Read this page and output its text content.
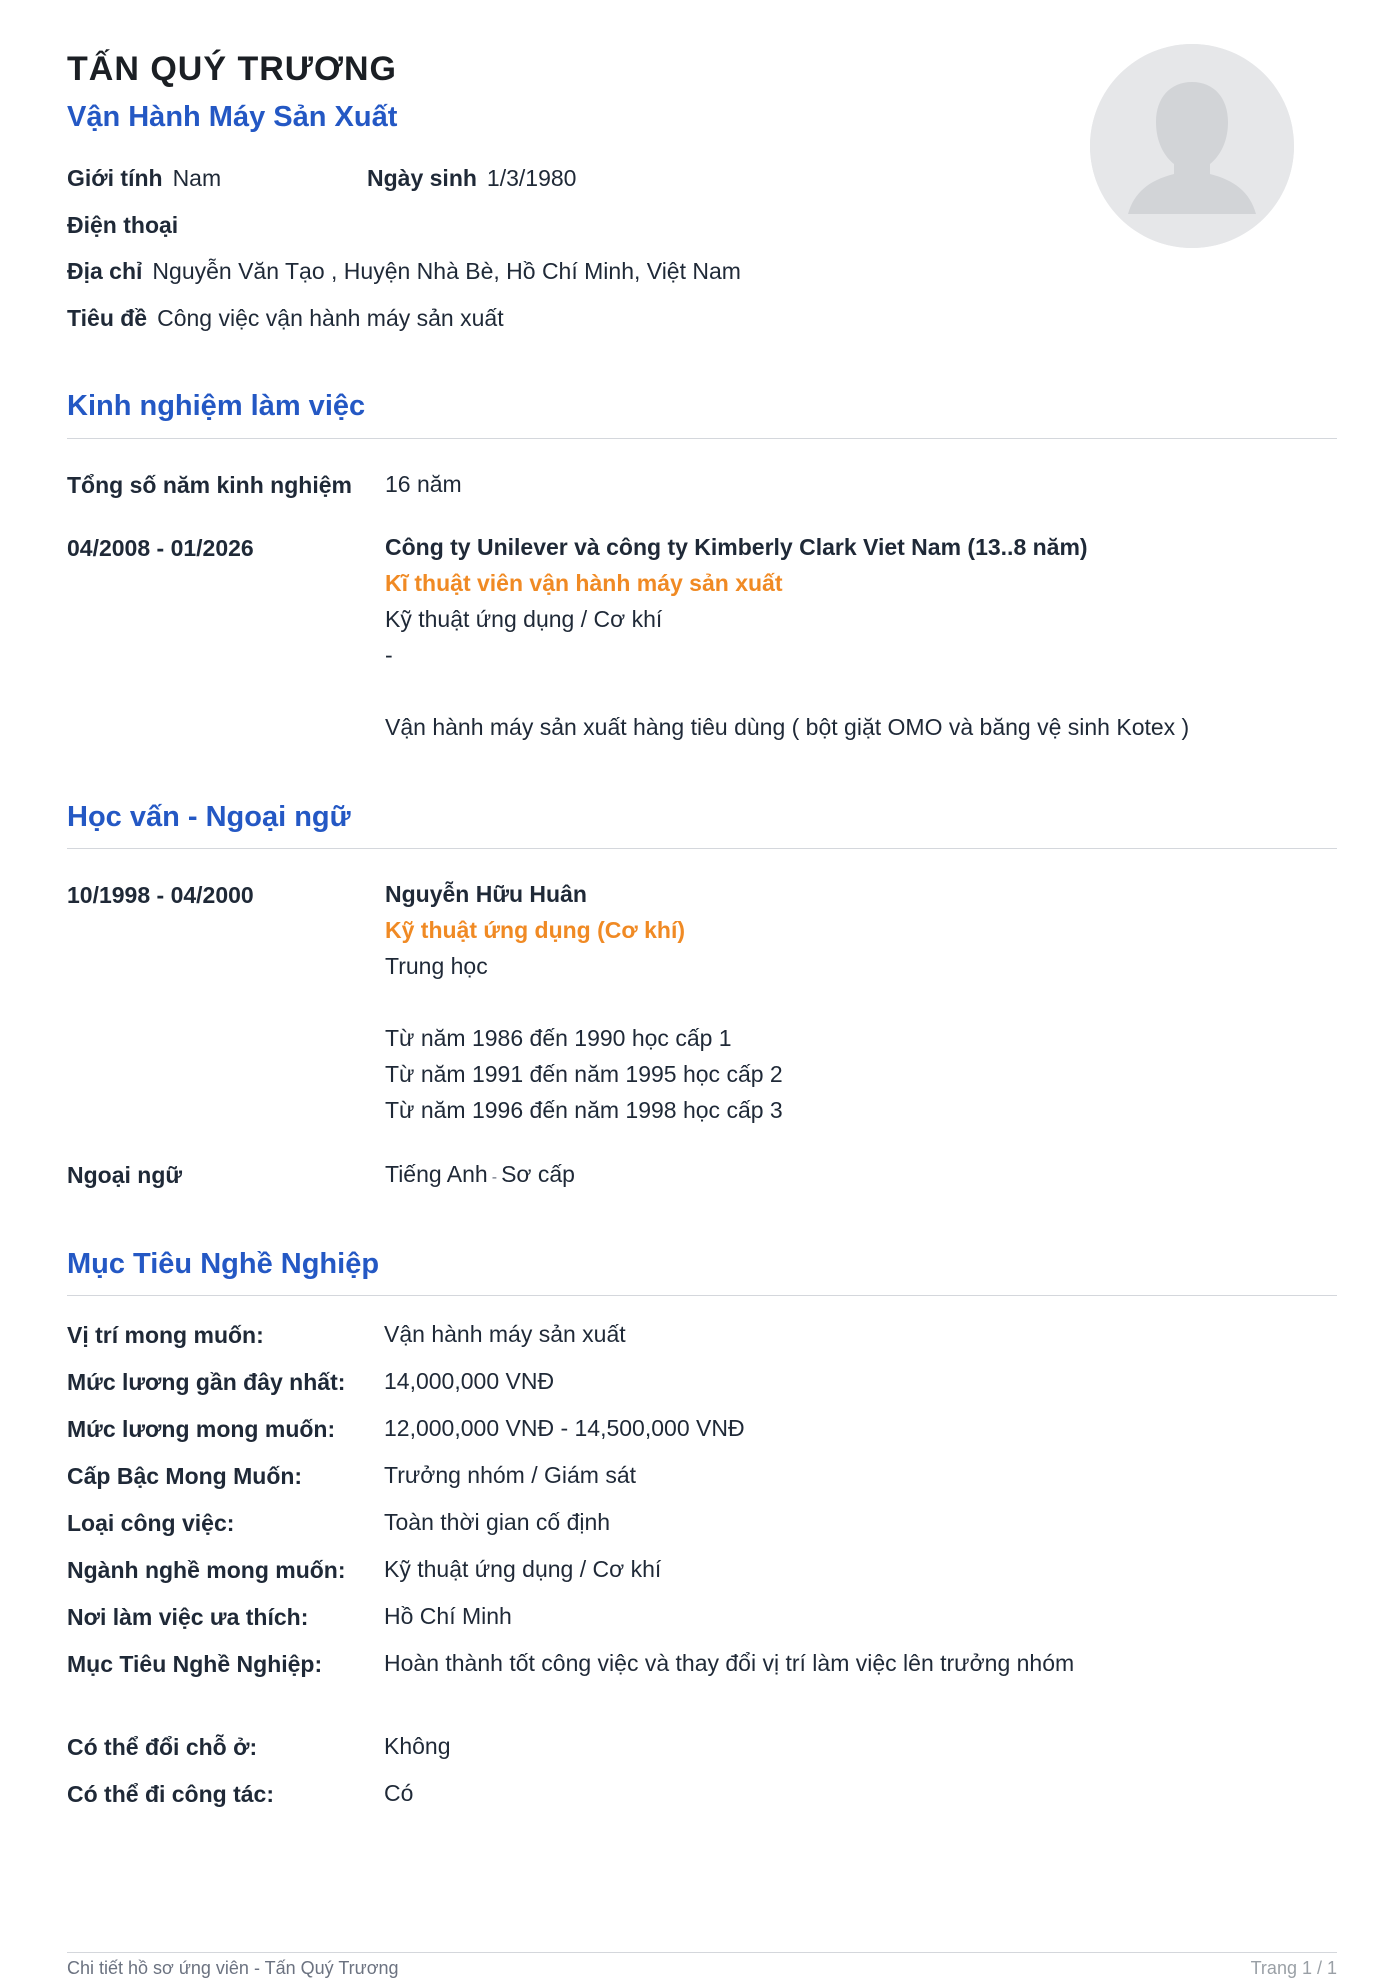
TẤN QUÝ TRƯƠNG
Vận Hành Máy Sản Xuất
Giới tính Nam	Ngày sinh 1/3/1980
Điện thoại
Địa chỉ Nguyễn Văn Tạo , Huyện Nhà Bè, Hồ Chí Minh, Việt Nam
Tiêu đề Công việc vận hành máy sản xuất
Kinh nghiệm làm việc
Tổng số năm kinh nghiệm 16 năm
04/2008 - 01/2026	Công ty Unilever và công ty Kimberly Clark Viet Nam (13..8 năm)
Kĩ thuật viên vận hành máy sản xuất
Kỹ thuật ứng dụng / Cơ khí
-
Vận hành máy sản xuất hàng tiêu dùng ( bột giặt OMO và băng vệ sinh Kotex )
Học vấn - Ngoại ngữ
10/1998 - 04/2000	Nguyễn Hữu Huân
Kỹ thuật ứng dụng (Cơ khí)
Trung học
Từ năm 1986 đến 1990 học cấp 1
Từ năm 1991 đến năm 1995 học cấp 2
Từ năm 1996 đến năm 1998 học cấp 3
Ngoại ngữ	Tiếng Anh - Sơ cấp
Mục Tiêu Nghề Nghiệp
Vị trí mong muốn:	Vận hành máy sản xuất
Mức lương gần đây nhất: 14,000,000 VNĐ
Mức lương mong muốn: 12,000,000 VNĐ - 14,500,000 VNĐ
Cấp Bậc Mong Muốn:	Trưởng nhóm / Giám sát
Loại công việc:	Toàn thời gian cố định
Ngành nghề mong muốn: Kỹ thuật ứng dụng / Cơ khí
Nơi làm việc ưa thích:	Hồ Chí Minh
Mục Tiêu Nghề Nghiệp:	Hoàn thành tốt công việc và thay đổi vị trí làm việc lên trưởng nhóm
Có thể đổi chỗ ở:	Không
Có thể đi công tác:	Có
Chi tiết hồ sơ ứng viên - Tấn Quý Trương	Trang 1 / 1
